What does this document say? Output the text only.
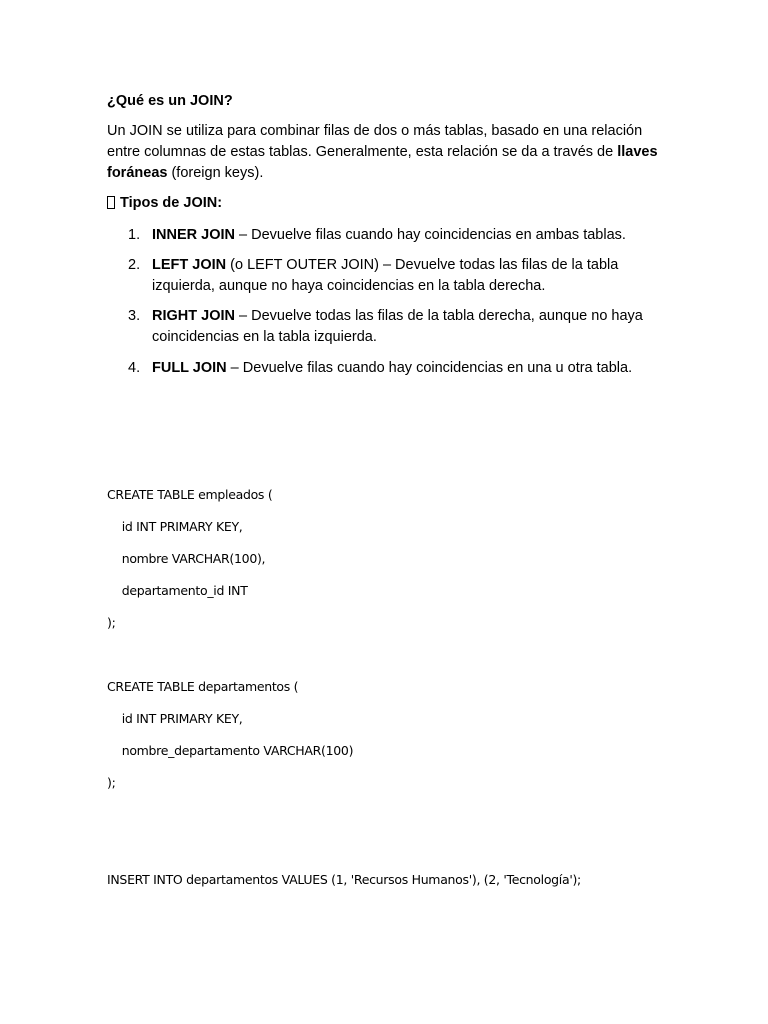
¿Qué es un JOIN?

Un JOIN se utiliza para combinar filas de dos o más tablas, basado en una relación entre columnas de estas tablas. Generalmente, esta relación se da a través de llaves foráneas (foreign keys).

Tipos de JOIN:
1. INNER JOIN – Devuelve filas cuando hay coincidencias en ambas tablas.
2. LEFT JOIN (o LEFT OUTER JOIN) – Devuelve todas las filas de la tabla izquierda, aunque no haya coincidencias en la tabla derecha.
3. RIGHT JOIN – Devuelve todas las filas de la tabla derecha, aunque no haya coincidencias en la tabla izquierda.
4. FULL JOIN – Devuelve filas cuando hay coincidencias en una u otra tabla.
CREATE TABLE empleados (
id INT PRIMARY KEY,
nombre VARCHAR(100),
departamento_id INT
);
CREATE TABLE departamentos (
id INT PRIMARY KEY,
nombre_departamento VARCHAR(100)
);
INSERT INTO departamentos VALUES (1, 'Recursos Humanos'), (2, 'Tecnología');
